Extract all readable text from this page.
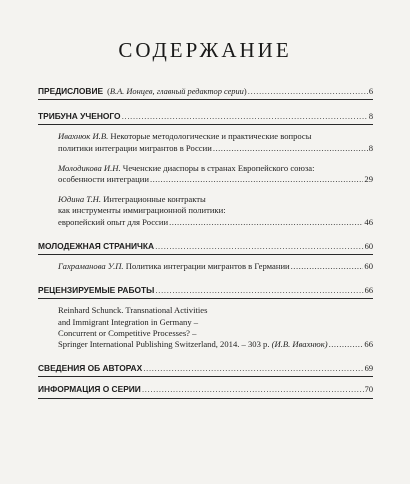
СОДЕРЖАНИЕ
ПРЕДИСЛОВИЕ (В.А. Ионцев, главный редактор серии) .....	6
ТРИБУНА УЧЕНОГО .....	8
Ивахнюк И.В. Некоторые методологические и практические вопросы
политики интеграции мигрантов в России .....	8
Молодикова И.Н. Чеченские диаспоры в странах Европейского союза:
особенности интеграции .....	29
Юдина Т.Н. Интеграционные контракты
как инструменты иммиграционной политики:
европейский опыт для России .....	46
МОЛОДЕЖНАЯ СТРАНИЧКА .....	60
Гахраманова У.П. Политика интеграции мигрантов в Германии .....	60
РЕЦЕНЗИРУЕМЫЕ РАБОТЫ .....	66
Reinhard Schunck. Transnational Activities
and Immigrant Integration in Germany –
Concurrent or Competitive Processes? –
Springer International Publishing Switzerland, 2014. – 303 p. (И.В. Ивахнюк) .....	66
СВЕДЕНИЯ ОБ АВТОРАХ .....	69
ИНФОРМАЦИЯ О СЕРИИ .....	70
